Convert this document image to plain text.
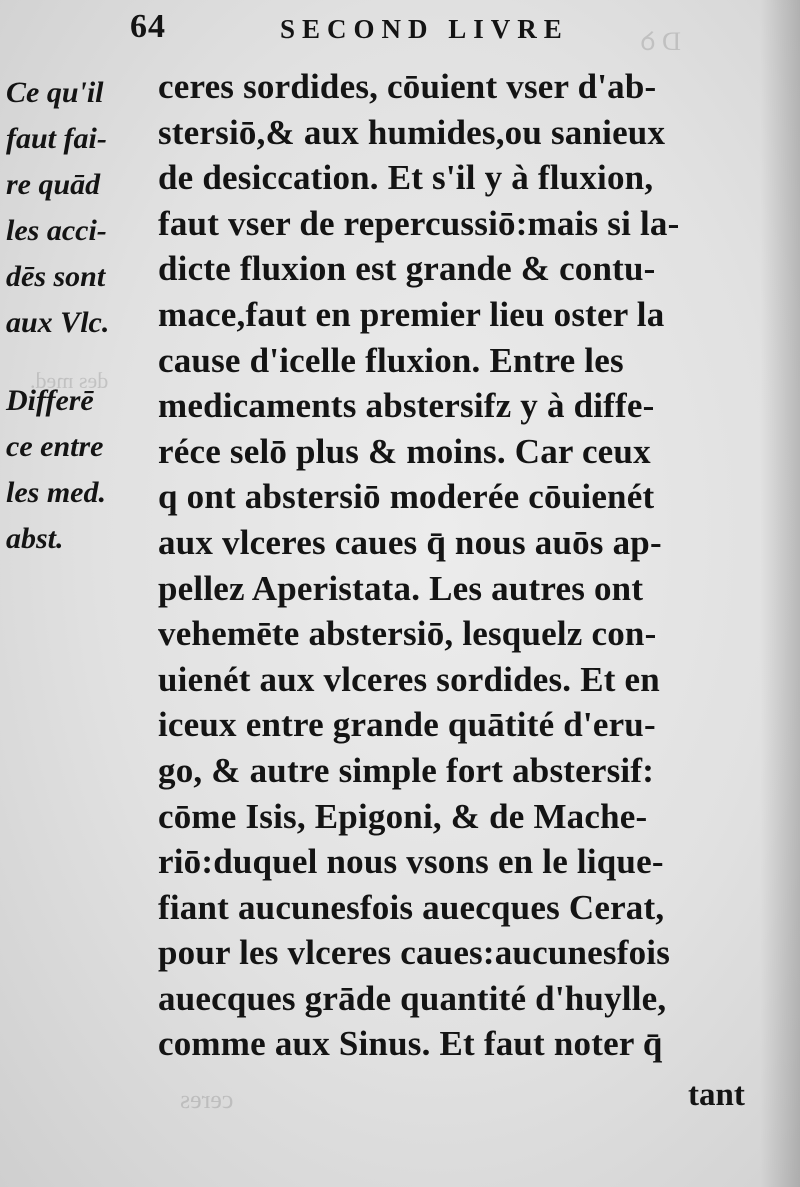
D ꝺ
des med.
ceres
64	SECOND LIVRE
Ce qu'il
faut fai-
re quād
les acci-
dēs sont
aux Vlc.
Differē
ce entre
les med.
abst.
ceres sordides, cōuient vser d'ab-
stersiō,& aux humides,ou sanieux
de desiccation. Et s'il y à fluxion,
faut vser de repercussiō:mais si la-
dicte fluxion est grande & contu-
mace,faut en premier lieu oster la
cause d'icelle fluxion. Entre les
medicaments abstersifz y à diffe-
réce selō plus & moins. Car ceux
q ont abstersiō moderée cōuienét
aux vlceres caues q̄ nous auōs ap-
pellez Aperistata. Les autres ont
vehemēte abstersiō, lesquelz con-
uienét aux vlceres sordides. Et en
iceux entre grande quātité d'eru-
go, & autre simple fort abstersif:
cōme Isis, Epigoni, & de Mache-
riō:duquel nous vsons en le lique-
fiant aucunesfois auecques Cerat,
pour les vlceres caues:aucunesfois
auecques grāde quantité d'huylle,
comme aux Sinus. Et faut noter q̄
tant
